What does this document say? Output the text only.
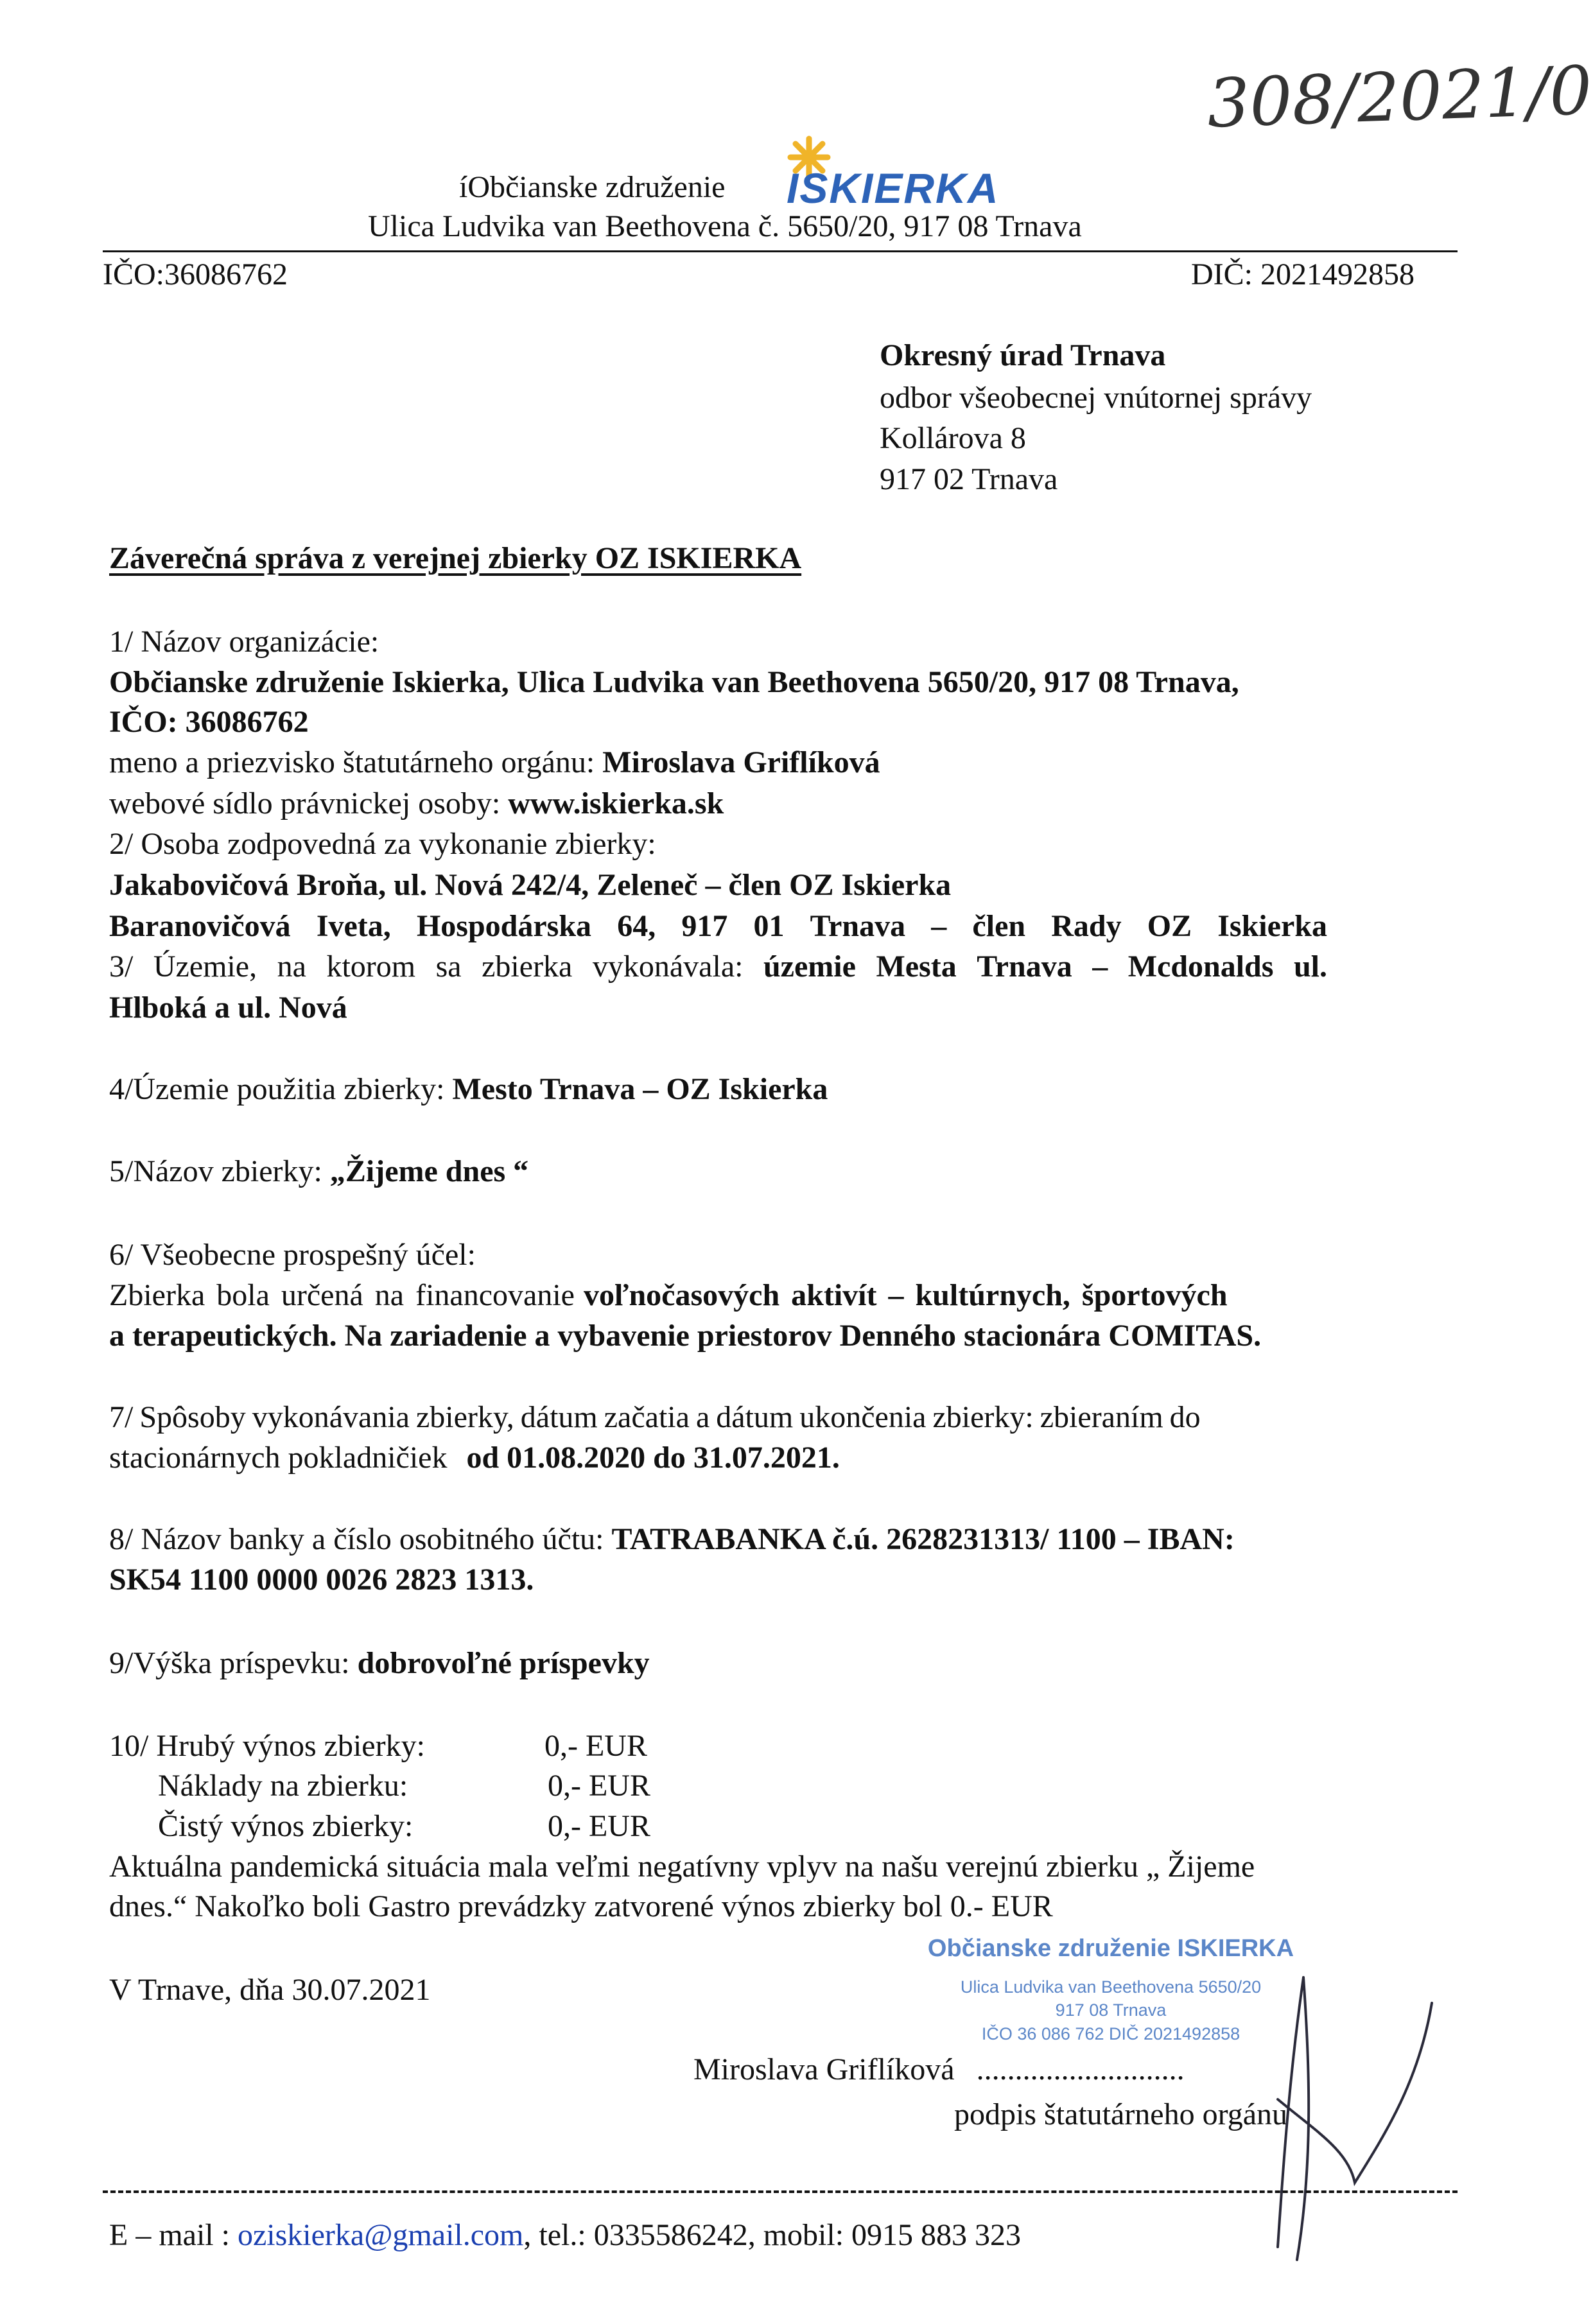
308/2021/0
íObčianske združenie ISKIERKA
Ulica Ludvika van Beethovena č. 5650/20, 917 08 Trnava
IČO:36086762	DIČ: 2021492858
Okresný úrad Trnava
odbor všeobecnej vnútornej správy
Kollárova 8
917 02 Trnava
Záverečná správa z verejnej zbierky OZ ISKIERKA
1/ Názov organizácie:
Občianske združenie Iskierka, Ulica Ludvika van Beethovena 5650/20, 917 08 Trnava,
IČO: 36086762
meno a priezvisko štatutárneho orgánu: Miroslava Griflíková
webové sídlo právnickej osoby: www.iskierka.sk
2/ Osoba zodpovedná za vykonanie zbierky:
Jakabovičová Broňa, ul. Nová 242/4, Zeleneč – člen OZ Iskierka
Baranovičová Iveta, Hospodárska 64, 917 01 Trnava – člen Rady OZ Iskierka
3/ Územie, na ktorom sa zbierka vykonávala: územie Mesta Trnava – Mcdonalds ul.
Hlboká a ul. Nová
4/Územie použitia zbierky: Mesto Trnava – OZ Iskierka
5/Názov zbierky: „Žijeme dnes “
6/ Všeobecne prospešný účel:
Zbierka bola určená na financovanie voľnočasových aktivít – kultúrnych, športových
a terapeutických. Na zariadenie a vybavenie priestorov Denného stacionára COMITAS.
7/ Spôsoby vykonávania zbierky, dátum začatia a dátum ukončenia zbierky: zbieraním do
stacionárnych pokladničiek od 01.08.2020 do 31.07.2021.
8/ Názov banky a číslo osobitného účtu: TATRABANKA č.ú. 2628231313/ 1100 – IBAN:
SK54 1100 0000 0026 2823 1313.
9/Výška príspevku: dobrovoľné príspevky
10/ Hrubý výnos zbierky:	0,- EUR
Náklady na zbierku:	0,- EUR
Čistý výnos zbierky:	0,- EUR
Aktuálna pandemická situácia mala veľmi negatívny vplyv na našu verejnú zbierku „ Žijeme
dnes.“ Nakoľko boli Gastro prevádzky zatvorené výnos zbierky bol 0.- EUR
V Trnave, dňa 30.07.2021
Občianske združenie ISKIERKA
Ulica Ludvika van Beethovena 5650/20
917 08 Trnava
IČO 36 086 762 DIČ 2021492858
Miroslava Griflíková ...........................
podpis štatutárneho orgánu
E – mail : oziskierka@gmail.com, tel.: 0335586242, mobil: 0915 883 323
